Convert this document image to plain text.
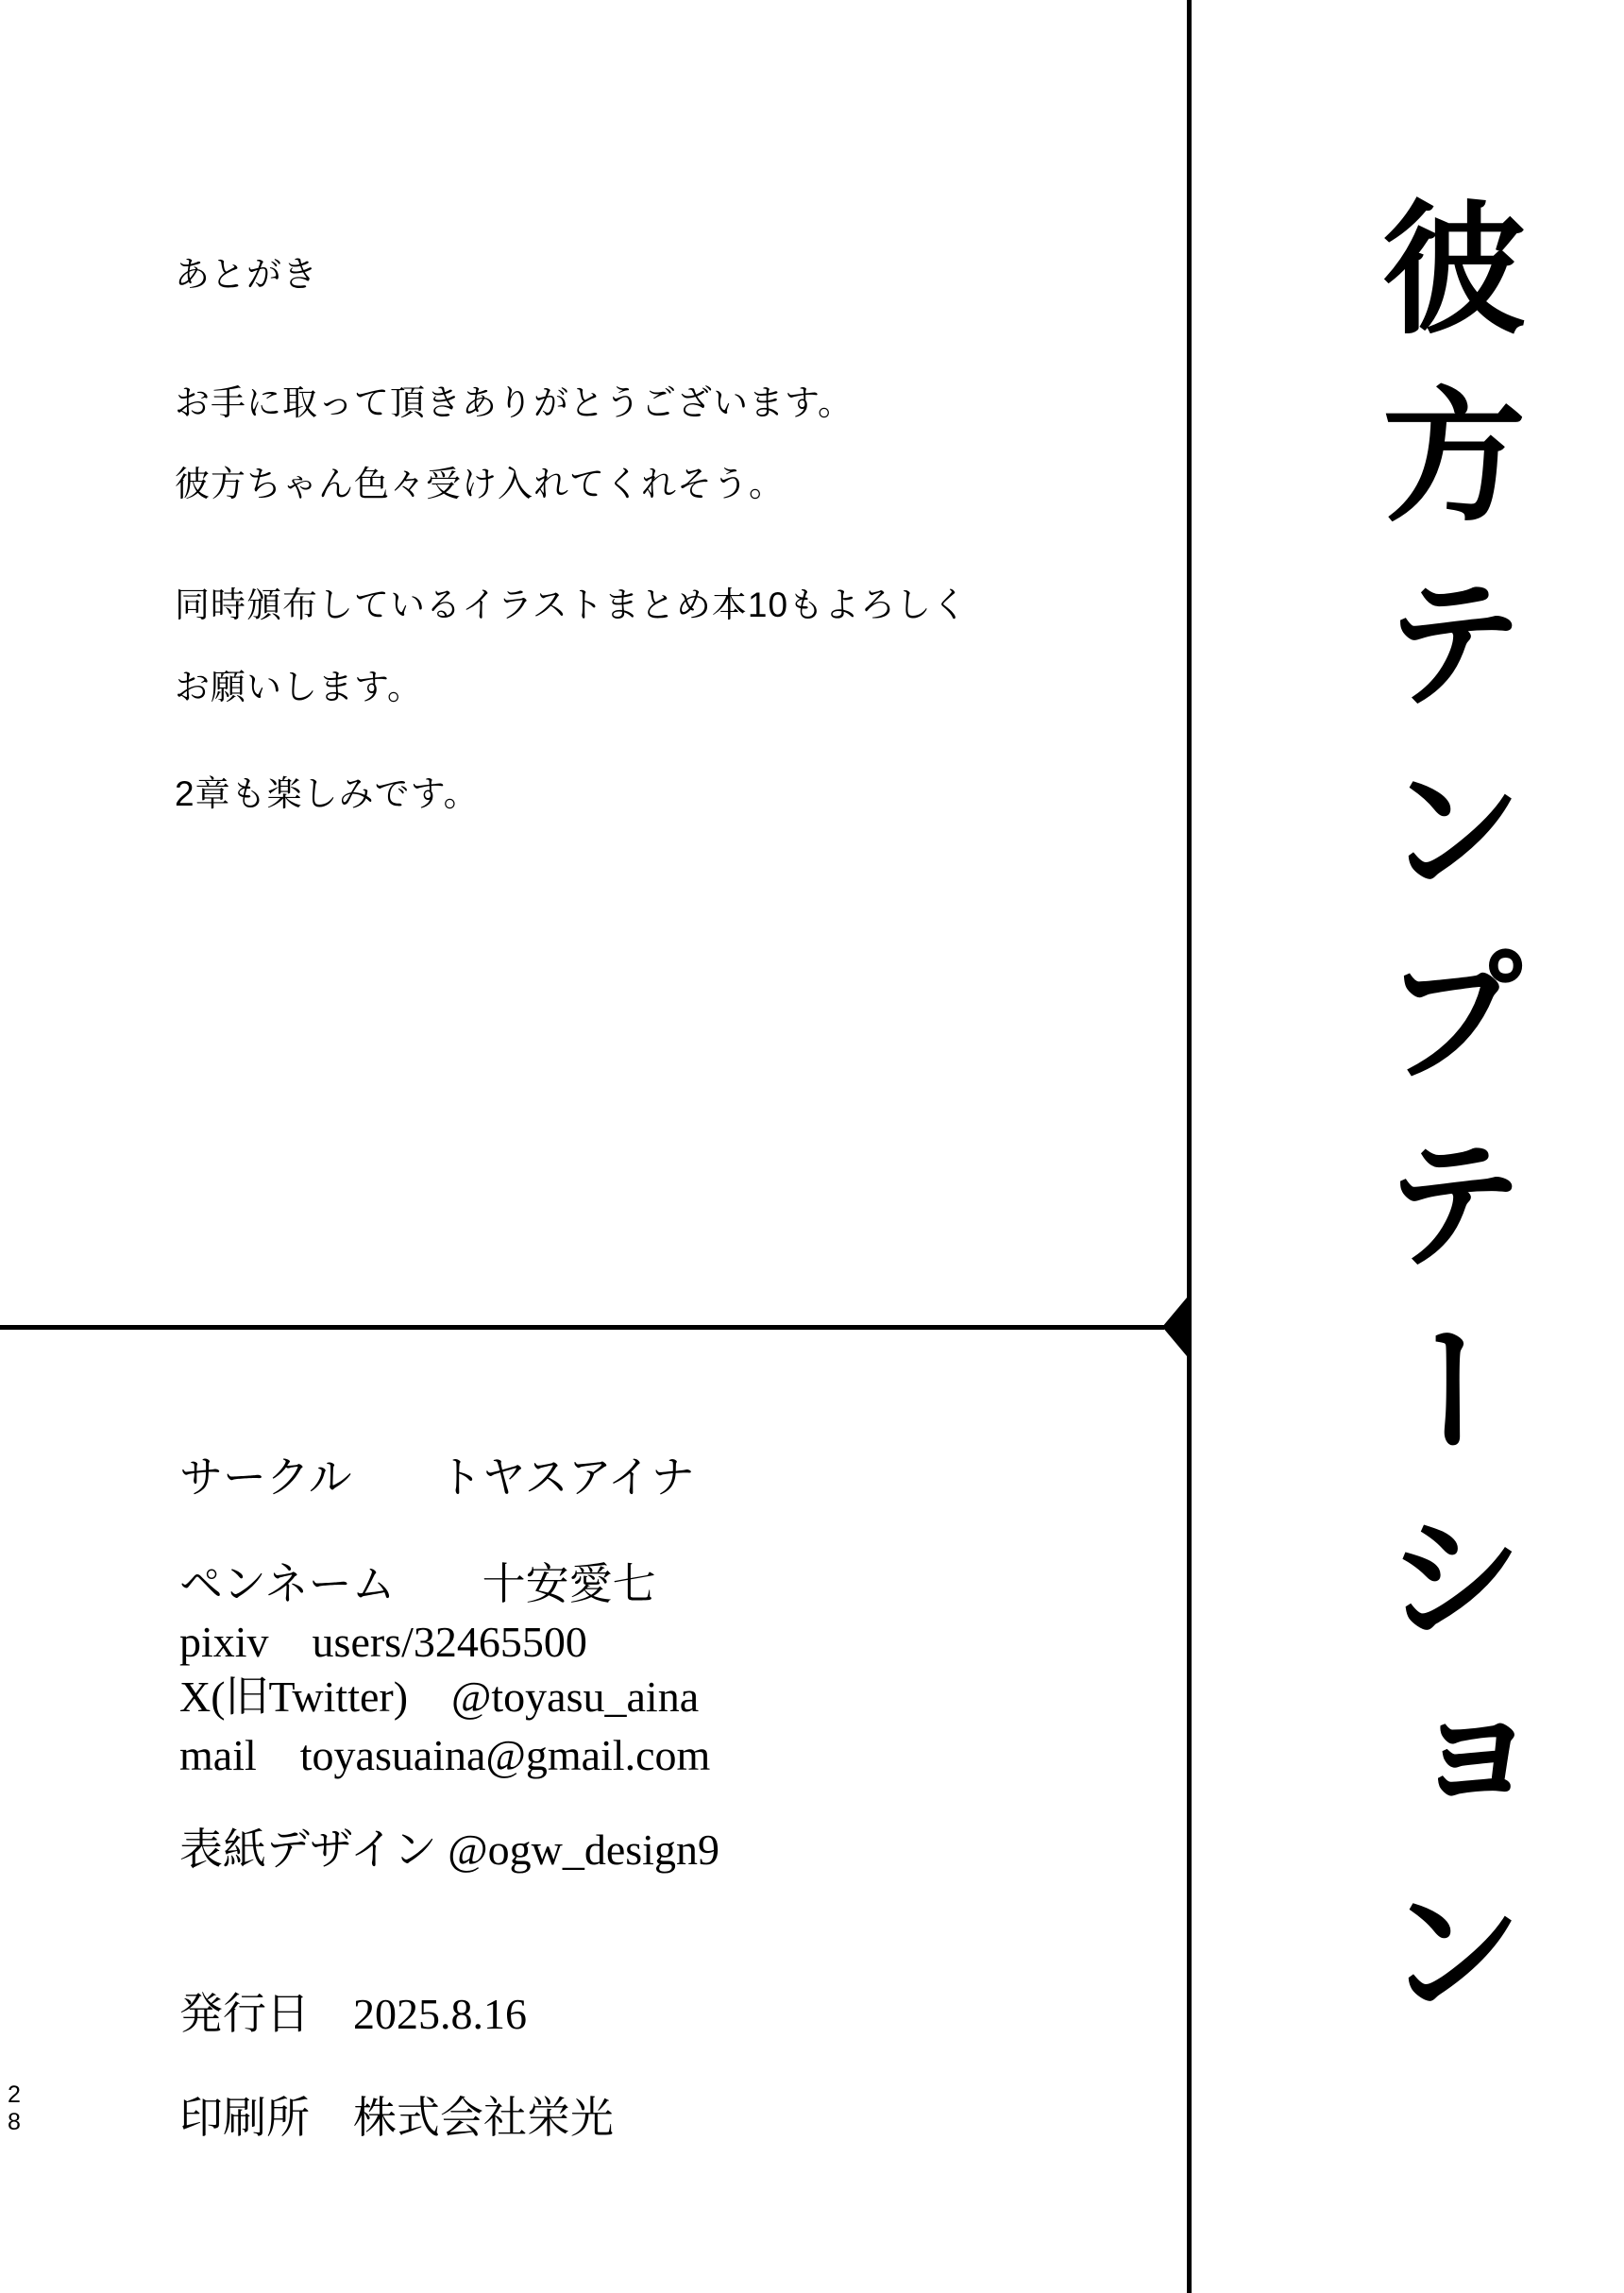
あとがき
お手に取って頂きありがとうございます。
彼方ちゃん色々受け入れてくれそう。
同時頒布しているイラストまとめ本10もよろしく
お願いします。
2章も楽しみです。
サークル　　トヤスアイナ
ペンネーム　　十安愛七
pixiv　users/32465500
X(旧Twitter)　@toyasu_aina
mail　toyasuaina@gmail.com
表紙デザイン @ogw_design9
発行日　2025.8.16
印刷所　株式会社栄光
彼方テンプテーション
28
